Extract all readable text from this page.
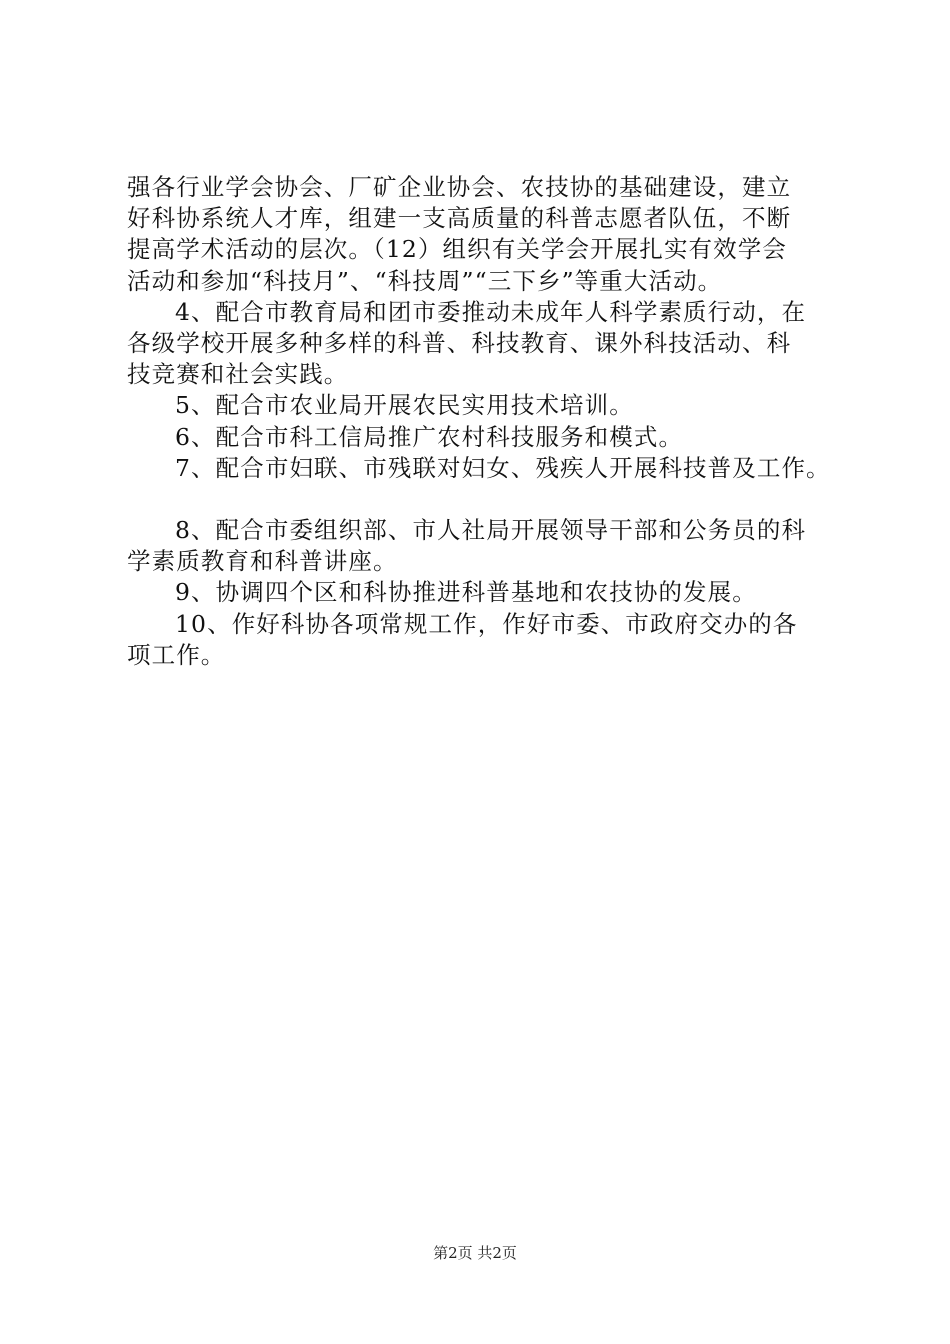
强各行业学会协会、厂矿企业协会、农技协的基础建设，建立

好科协系统人才库，组建一支高质量的科普志愿者队伍，不断

提高学术活动的层次。（12）组织有关学会开展扎实有效学会

活动和参加“科技月”、“科技周”“三下乡”等重大活动。

4、配合市教育局和团市委推动未成年人科学素质行动，在

各级学校开展多种多样的科普、科技教育、课外科技活动、科

技竞赛和社会实践。

5、配合市农业局开展农民实用技术培训。

6、配合市科工信局推广农村科技服务和模式。

7、配合市妇联、市残联对妇女、残疾人开展科技普及工作。

8、配合市委组织部、市人社局开展领导干部和公务员的科

学素质教育和科普讲座。

9、协调四个区和科协推进科普基地和农技协的发展。

10、作好科协各项常规工作，作好市委、市政府交办的各

项工作。

第2页 共2页
